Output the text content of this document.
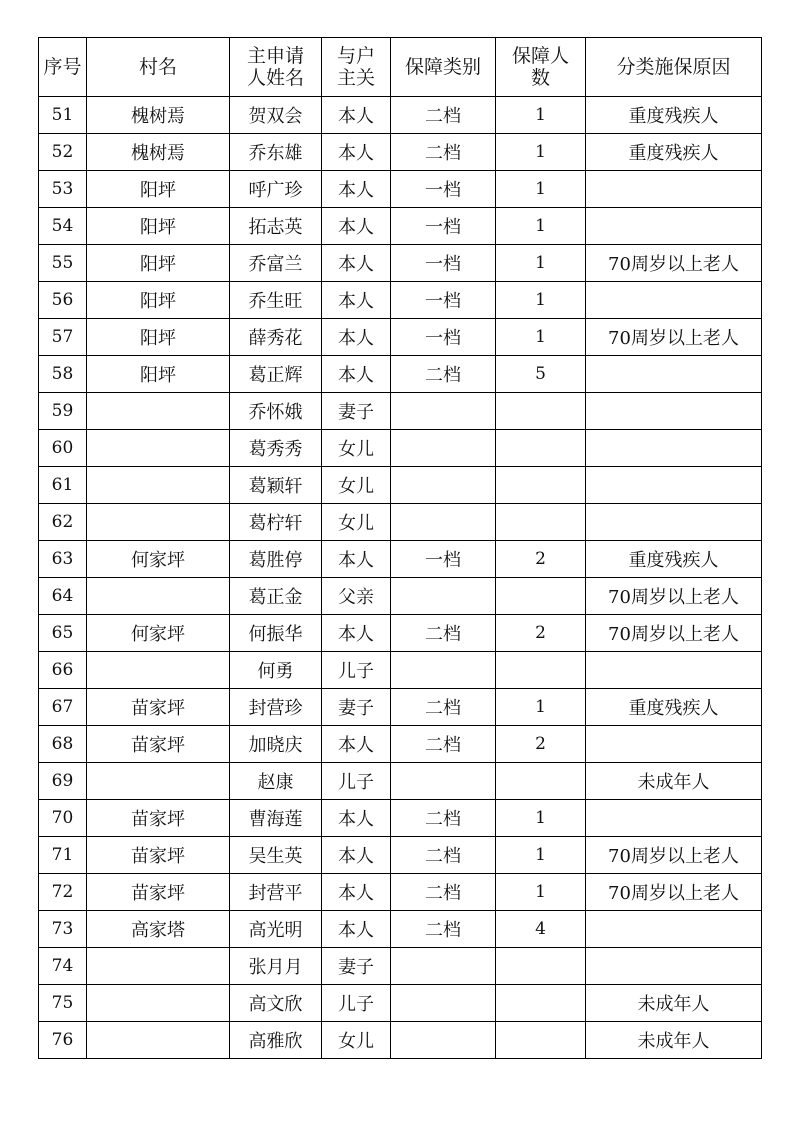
序号	村名	主申请人姓名	与户主关	保障类别	保障人数	分类施保原因
51	槐树焉	贺双会	本人	二档	1	重度残疾人
52	槐树焉	乔东雄	本人	二档	1	重度残疾人
53	阳坪	呼广珍	本人	一档	1	
54	阳坪	拓志英	本人	一档	1	
55	阳坪	乔富兰	本人	一档	1	70周岁以上老人
56	阳坪	乔生旺	本人	一档	1	
57	阳坪	薛秀花	本人	一档	1	70周岁以上老人
58	阳坪	葛正辉	本人	二档	5	
59		乔怀娥	妻子			
60		葛秀秀	女儿			
61		葛颖轩	女儿			
62		葛柠轩	女儿			
63	何家坪	葛胜停	本人	一档	2	重度残疾人
64		葛正金	父亲			70周岁以上老人
65	何家坪	何振华	本人	二档	2	70周岁以上老人
66		何勇	儿子			
67	苗家坪	封营珍	妻子	二档	1	重度残疾人
68	苗家坪	加晓庆	本人	二档	2	
69		赵康	儿子			未成年人
70	苗家坪	曹海莲	本人	二档	1	
71	苗家坪	吴生英	本人	二档	1	70周岁以上老人
72	苗家坪	封营平	本人	二档	1	70周岁以上老人
73	高家塔	高光明	本人	二档	4	
74		张月月	妻子			
75		高文欣	儿子			未成年人
76		高雅欣	女儿			未成年人
